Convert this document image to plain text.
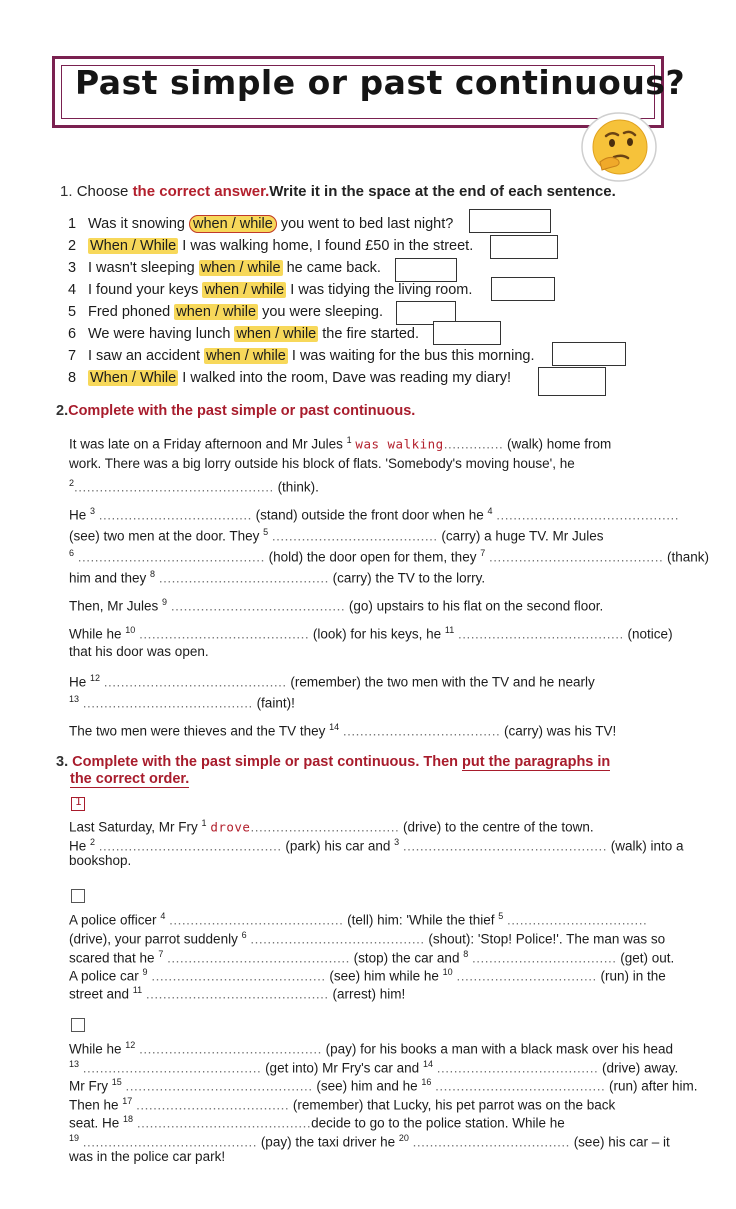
Past simple or past continuous?
1. Choose the correct answer.Write it in the space at the end of each sentence.
1 Was it snowing when / while you went to bed last night?
2 When / While I was walking home, I found £50 in the street.
3 I wasn't sleeping when / while he came back.
4 I found your keys when / while I was tidying the living room.
5 Fred phoned when / while you were sleeping.
6 We were having lunch when / while the fire started.
7 I saw an accident when / while I was waiting for the bus this morning.
8 When / While I walked into the room, Dave was reading my diary!
2.Complete with the past simple or past continuous.
It was late on a Friday afternoon and Mr Jules $^1$ was walking.............. (walk) home from
work. There was a big lorry outside his block of flats. 'Somebody's moving house', he
$^2$............................................... (think).
He $^3$ .................................... (stand) outside the front door when he $^4$ ...........................................
(see) two men at the door. They $^5$ ....................................... (carry) a huge TV. Mr Jules
$^6$ ............................................ (hold) the door open for them, they $^7$ ......................................... (thank)
him and they $^8$ ........................................ (carry) the TV to the lorry.
Then, Mr Jules $^9$ ......................................... (go) upstairs to his flat on the second floor.
While he $^{10}$ ........................................ (look) for his keys, he $^{11}$ ....................................... (notice)
that his door was open.
He $^{12}$ ........................................... (remember) the two men with the TV and he nearly
$^{13}$ ........................................ (faint)!
The two men were thieves and the TV they $^{14}$ ..................................... (carry) was his TV!
3. Complete with the past simple or past continuous. Then put the paragraphs in
the correct order.
1
Last Saturday, Mr Fry $^1$ drove................................... (drive) to the centre of the town.
He $^2$ ........................................... (park) his car and $^3$ ................................................ (walk) into a
bookshop.
A police officer $^4$ ......................................... (tell) him: 'While the thief $^5$ .................................
(drive), your parrot suddenly $^6$ ......................................... (shout): 'Stop! Police!'. The man was so
scared that he $^7$ ........................................... (stop) the car and $^8$ .................................. (get) out.
A police car $^9$ ......................................... (see) him while he $^{10}$ ................................. (run) in the
street and $^{11}$ ........................................... (arrest) him!
While he $^{12}$ ........................................... (pay) for his books a man with a black mask over his head
$^{13}$ .......................................... (get into) Mr Fry's car and $^{14}$ ...................................... (drive) away.
Mr Fry $^{15}$ ............................................ (see) him and he $^{16}$ ........................................ (run) after him.
Then he $^{17}$ .................................... (remember) that Lucky, his pet parrot was on the back
seat. He $^{18}$ .........................................decide to go to the police station. While he
$^{19}$ ......................................... (pay) the taxi driver he $^{20}$ ..................................... (see) his car – it
was in the police car park!
